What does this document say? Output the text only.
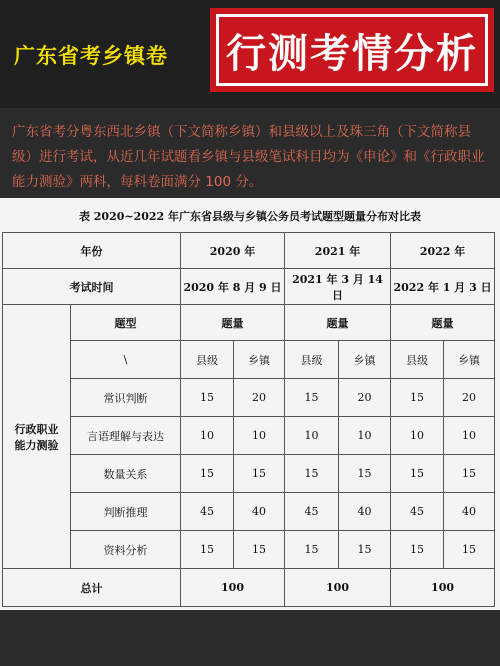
广东省考乡镇卷 行测考情分析
广东省考分粤东西北乡镇（下文简称乡镇）和县级以上及珠三角（下文简称县级）进行考试，从近几年试题看乡镇与县级笔试科目均为《申论》和《行政职业能力测验》两科，每科卷面满分 100 分。
表 2020~2022 年广东省县级与乡镇公务员考试题型题量分布对比表
年份		2020 年		2021 年		2022 年	
考试时间		2020 年 8 月 9 日		2021 年 3 月 14 日		2022 年 1 月 3 日	

行政职业
能力测验	题型	题量		题量		题量	
	\	县级	乡镇	县级	乡镇	县级	乡镇
	常识判断	15	20	15	20	15	20
	言语理解与表达	10	10	10	10	10	10
	数量关系	15	15	15	15	15	15
	判断推理	45	40	45	40	45	40
	资料分析	15	15	15	15	15	15
总计		100		100		100	
